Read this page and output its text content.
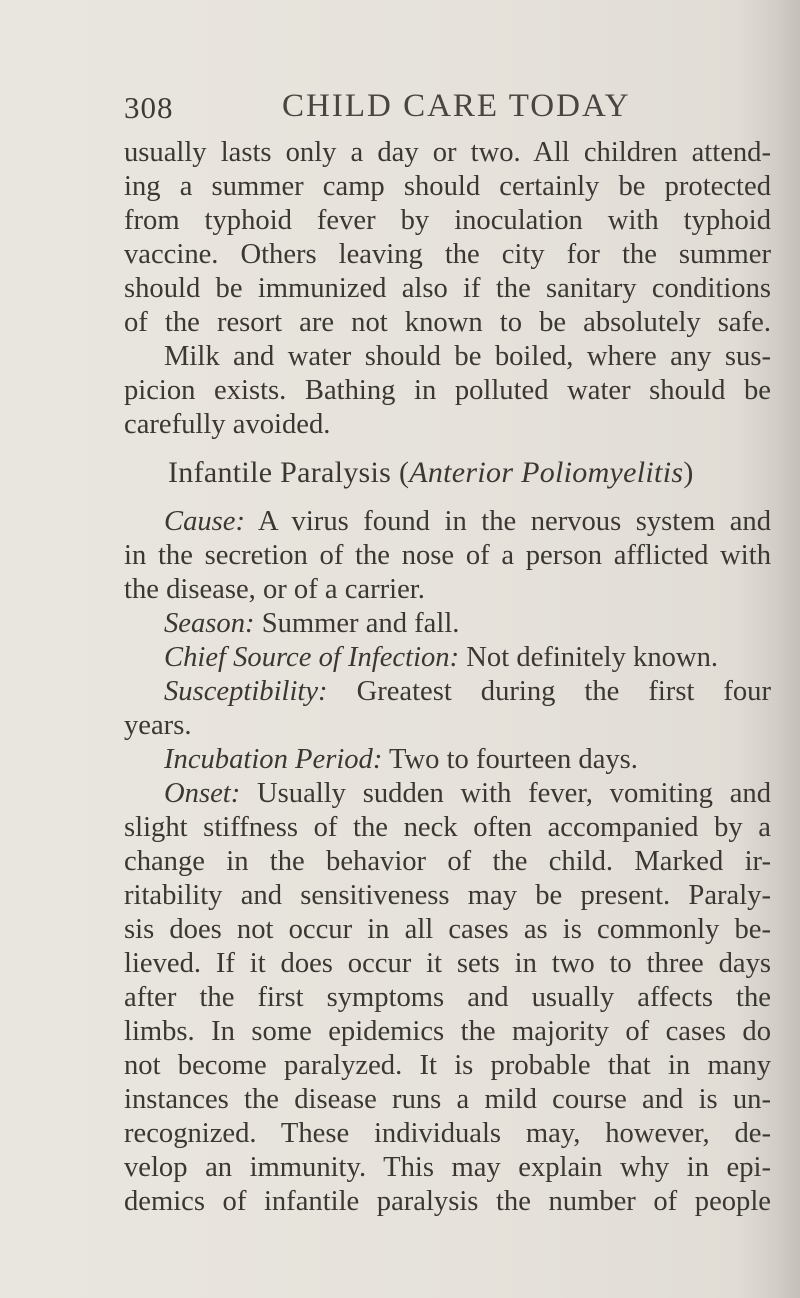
308	CHILD CARE TODAY
usually lasts only a day or two. All children attend-
ing a summer camp should certainly be protected
from typhoid fever by inoculation with typhoid
vaccine. Others leaving the city for the summer
should be immunized also if the sanitary conditions
of the resort are not known to be absolutely safe.
Milk and water should be boiled, where any sus-
picion exists. Bathing in polluted water should be
carefully avoided.
Infantile Paralysis (Anterior Poliomyelitis)
Cause: A virus found in the nervous system and
in the secretion of the nose of a person afflicted with
the disease, or of a carrier.
Season: Summer and fall.
Chief Source of Infection: Not definitely known.
Susceptibility: Greatest during the first four
years.
Incubation Period: Two to fourteen days.
Onset: Usually sudden with fever, vomiting and
slight stiffness of the neck often accompanied by a
change in the behavior of the child. Marked ir-
ritability and sensitiveness may be present. Paraly-
sis does not occur in all cases as is commonly be-
lieved. If it does occur it sets in two to three days
after the first symptoms and usually affects the
limbs. In some epidemics the majority of cases do
not become paralyzed. It is probable that in many
instances the disease runs a mild course and is un-
recognized. These individuals may, however, de-
velop an immunity. This may explain why in epi-
demics of infantile paralysis the number of people
